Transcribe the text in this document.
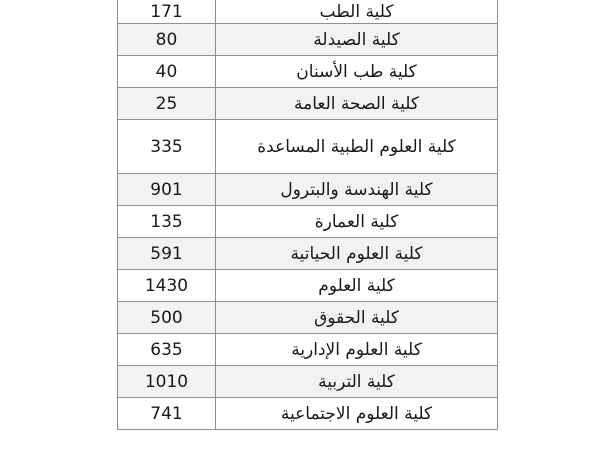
171	كلية الطب
80	كلية الصيدلة
40	كلية طب الأسنان
25	كلية الصحة العامة
335	كلية العلوم الطبية المساعدة
901	كلية الهندسة والبترول
135	كلية العمارة
591	كلية العلوم الحياتية
1430	كلية العلوم
500	كلية الحقوق
635	كلية العلوم الإدارية
1010	كلية التربية
741	كلية العلوم الاجتماعية
